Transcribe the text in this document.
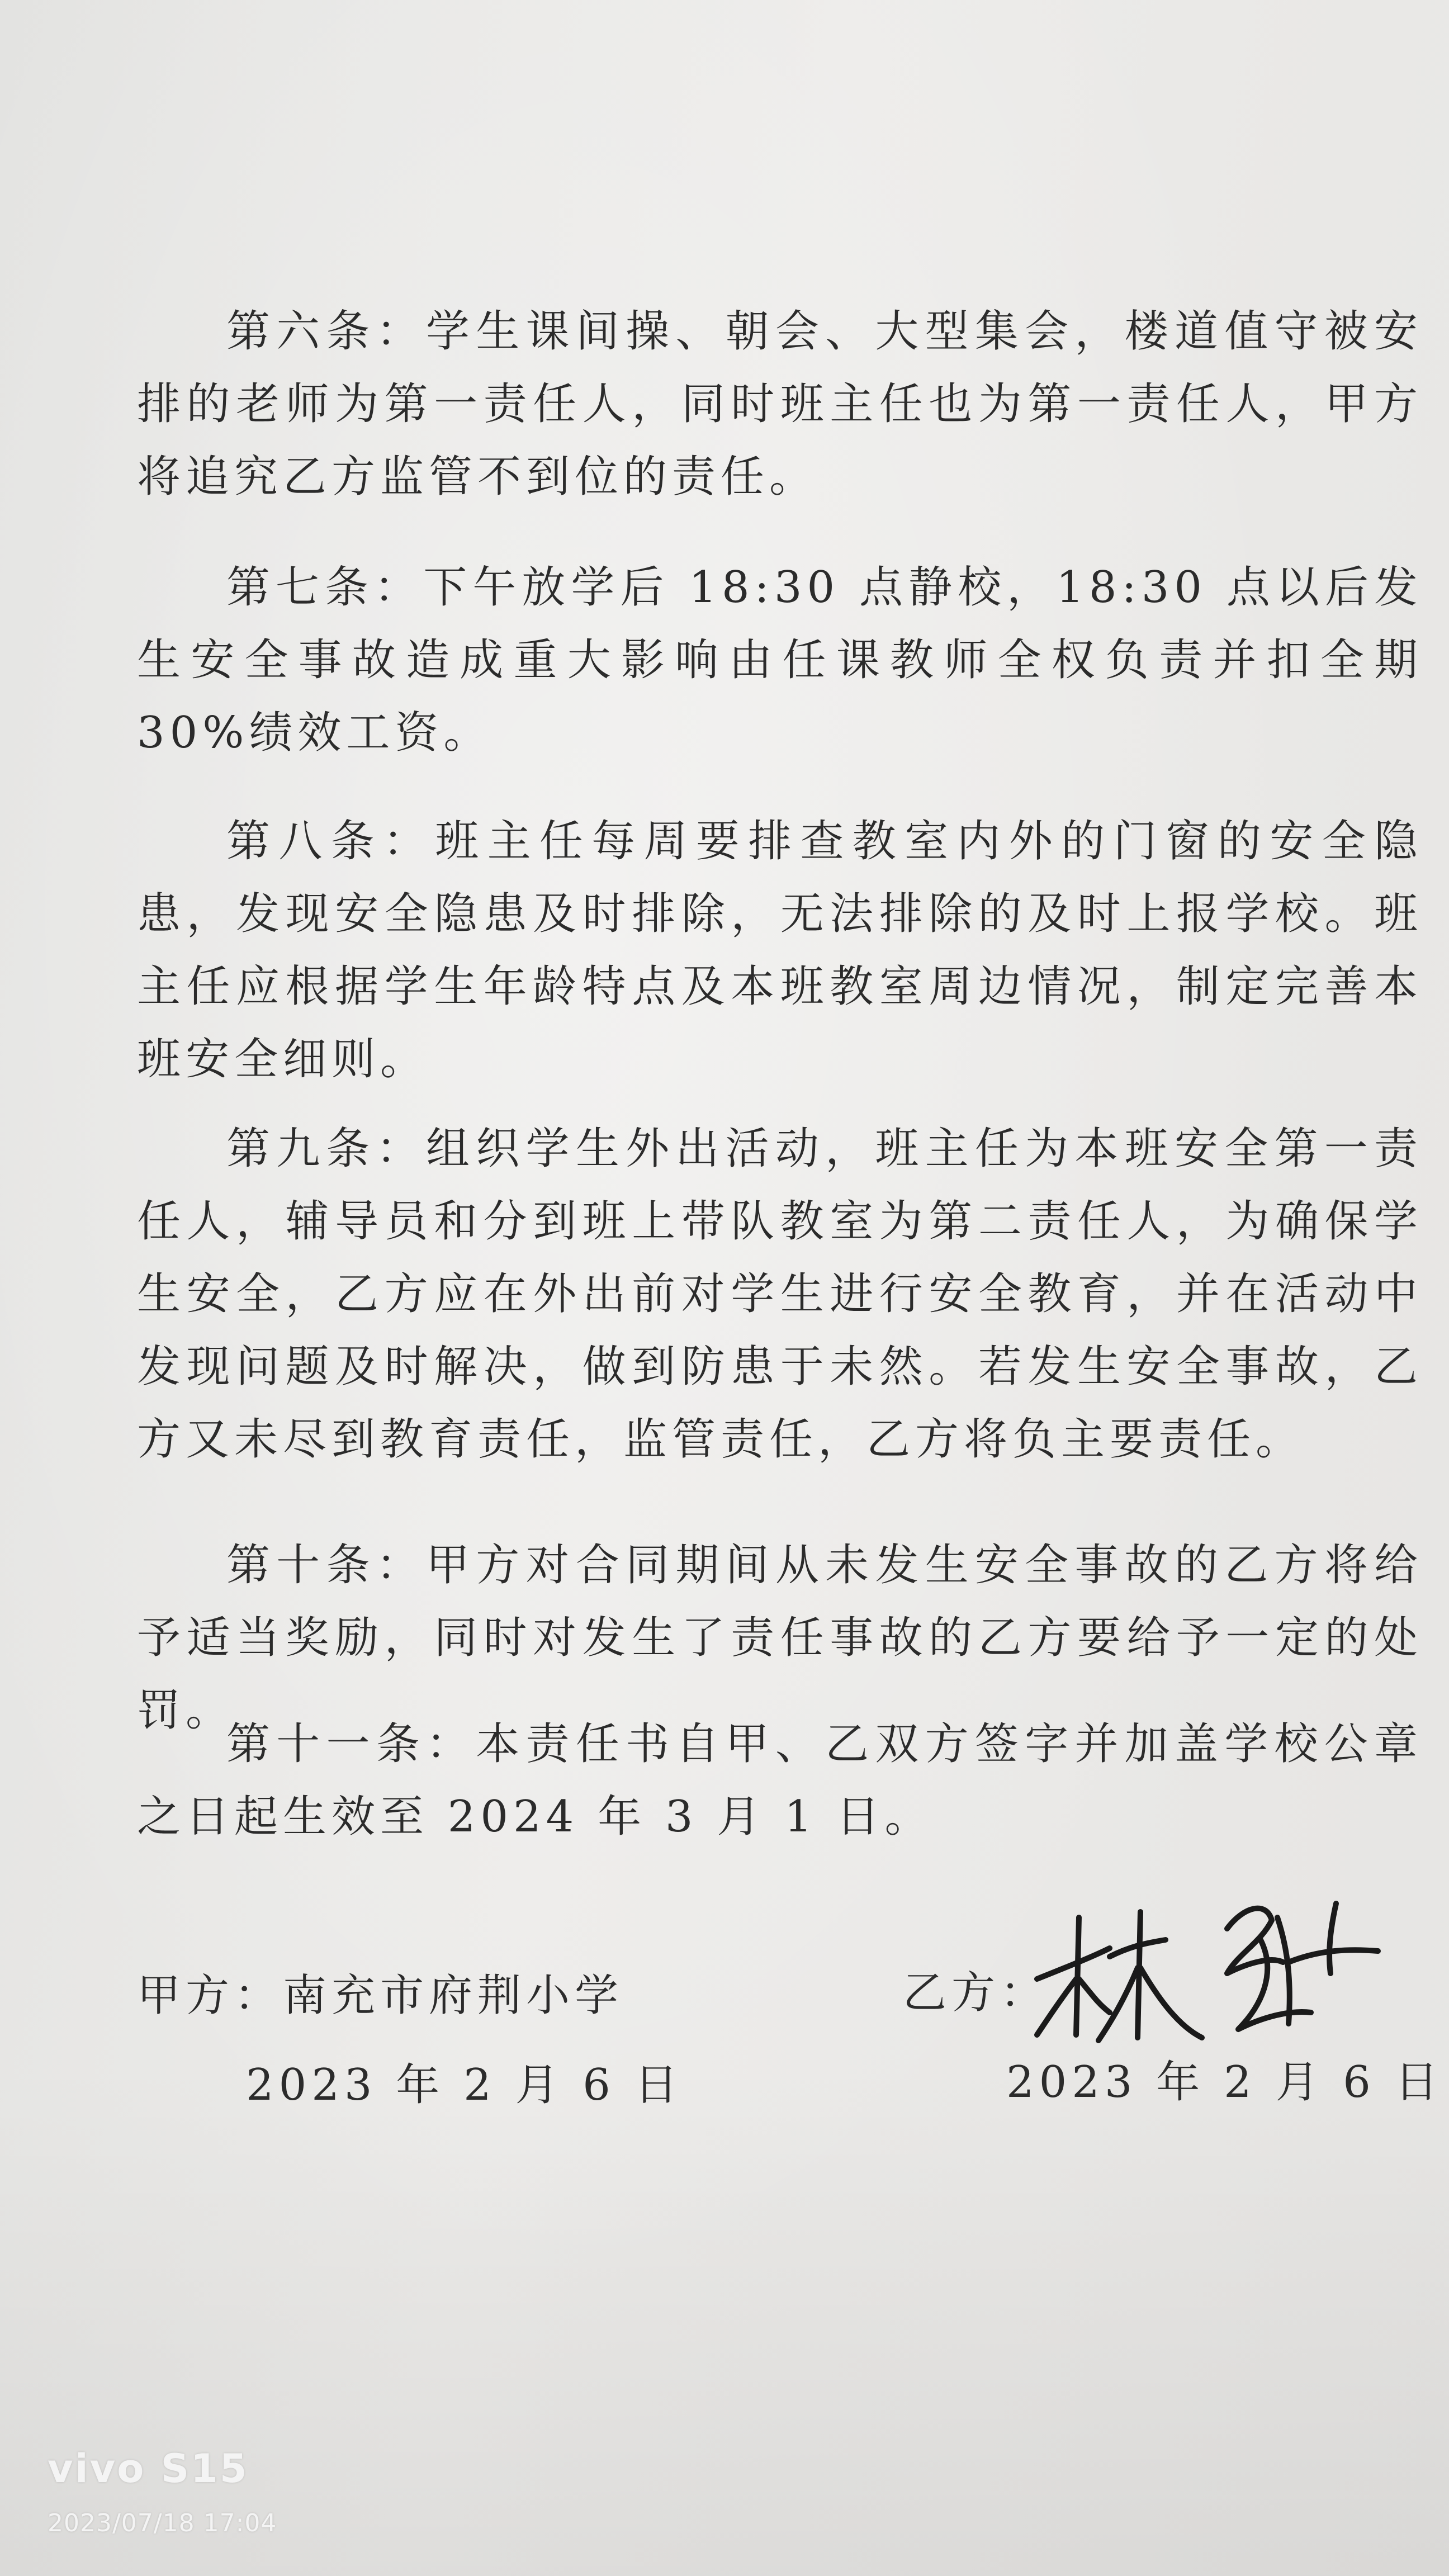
第六条：学生课间操、朝会、大型集会，楼道值守被安排的老师为第一责任人，同时班主任也为第一责任人，甲方将追究乙方监管不到位的责任。

第七条：下午放学后 18:30 点静校，18:30 点以后发生安全事故造成重大影响由任课教师全权负责并扣全期 30%绩效工资。

第八条：班主任每周要排查教室内外的门窗的安全隐患，发现安全隐患及时排除，无法排除的及时上报学校。班主任应根据学生年龄特点及本班教室周边情况，制定完善本班安全细则。

第九条：组织学生外出活动，班主任为本班安全第一责任人，辅导员和分到班上带队教室为第二责任人，为确保学生安全，乙方应在外出前对学生进行安全教育，并在活动中发现问题及时解决，做到防患于未然。若发生安全事故，乙方又未尽到教育责任，监管责任，乙方将负主要责任。

第十条：甲方对合同期间从未发生安全事故的乙方将给予适当奖励，同时对发生了责任事故的乙方要给予一定的处罚。

第十一条：本责任书自甲、乙双方签字并加盖学校公章之日起生效至 2024 年 3 月 1 日。

甲方：南充市府荆小学

2023 年 2 月 6 日

乙方：

2023 年 2 月 6 日

vivo S15

2023/07/18 17:04
